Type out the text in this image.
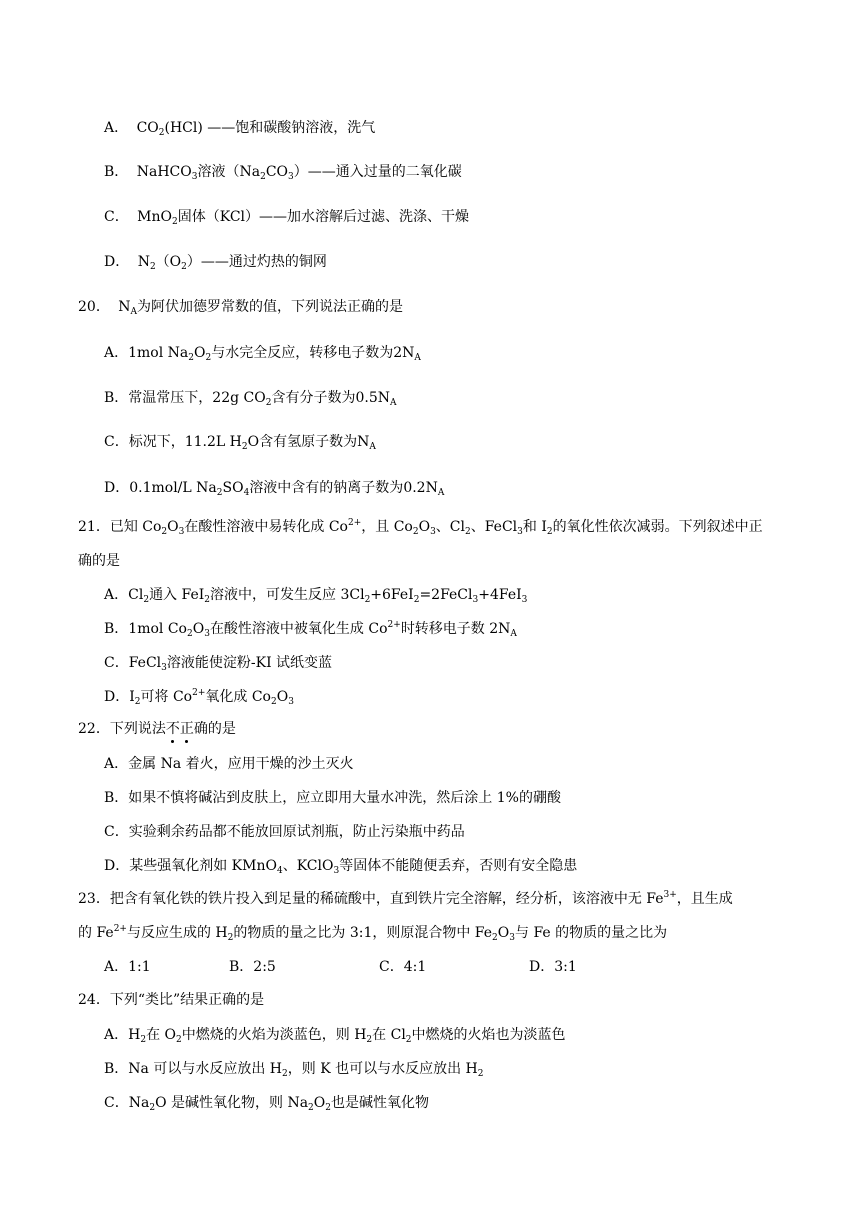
A． $CO_2(HCl)$ ——饱和碳酸钠溶液，洗气
B． NaHCO$_3$溶液$(Na_2CO_3)——$通入过量的二氧化碳
C． MnO$_2$固体（KCl）——加水溶解后过滤、洗涤、干燥
D． $N_2(O_2)——$通过灼热的铜网
20． $N_A$为阿伏加德罗常数的值，下列说法正确的是
A．1mol $Na_2O_2$与水完全反应，转移电子数为$2N_A$
B．常温常压下，22g $CO_2$含有分子数为$0.5N_A$
C．标况下，11.2L $H_2O$含有氢原子数为$N_A$
D．0.1mol/L $Na_2SO_4$溶液中含有的钠离子数为$0.2N_A$
21．已知 $Co_2O_3$在酸性溶液中易转化成 $Co^{2+}$，且 $Co_2O_3$、$Cl_2$、FeCl$_3$和 $I_2$的氧化性依次减弱。下列叙述中正
确的是
A．$Cl_2$通入 FeI$_2$溶液中，可发生反应 $3Cl_2+6FeI_2=2FeCl_3+4FeI_3$
B．1mol $Co_2O_3$在酸性溶液中被氧化生成 $Co^{2+}$时转移电子数 $2N_A$
C．FeCl$_3$溶液能使淀粉-KI 试纸变蓝
D．$I_2$可将 $Co^{2+}$氧化成 $Co_2O_3$
22．下列说法不正确的是
A．金属 Na 着火，应用干燥的沙土灭火
B．如果不慎将碱沾到皮肤上，应立即用大量水冲洗，然后涂上 1%的硼酸
C．实验剩余药品都不能放回原试剂瓶，防止污染瓶中药品
D．某些强氧化剂如 KMnO$_4$、KClO$_3$等固体不能随便丢弃，否则有安全隐患
23．把含有氧化铁的铁片投入到足量的稀硫酸中，直到铁片完全溶解，经分析，该溶液中无 $Fe^{3+}$，且生成
的 $Fe^{2+}$与反应生成的 $H_2$的物质的量之比为 3:1，则原混合物中 $Fe_2O_3$与 Fe 的物质的量之比为
A．1:1	B．2:5	C．4:1	D．3:1
24．下列“类比”结果正确的是
A．$H_2$在 $O_2$中燃烧的火焰为淡蓝色，则 $H_2$在 $Cl_2$中燃烧的火焰也为淡蓝色
B．Na 可以与水反应放出 $H_2$，则 K 也可以与水反应放出 $H_2$
C．$Na_2O$ 是碱性氧化物，则 $Na_2O_2$也是碱性氧化物
